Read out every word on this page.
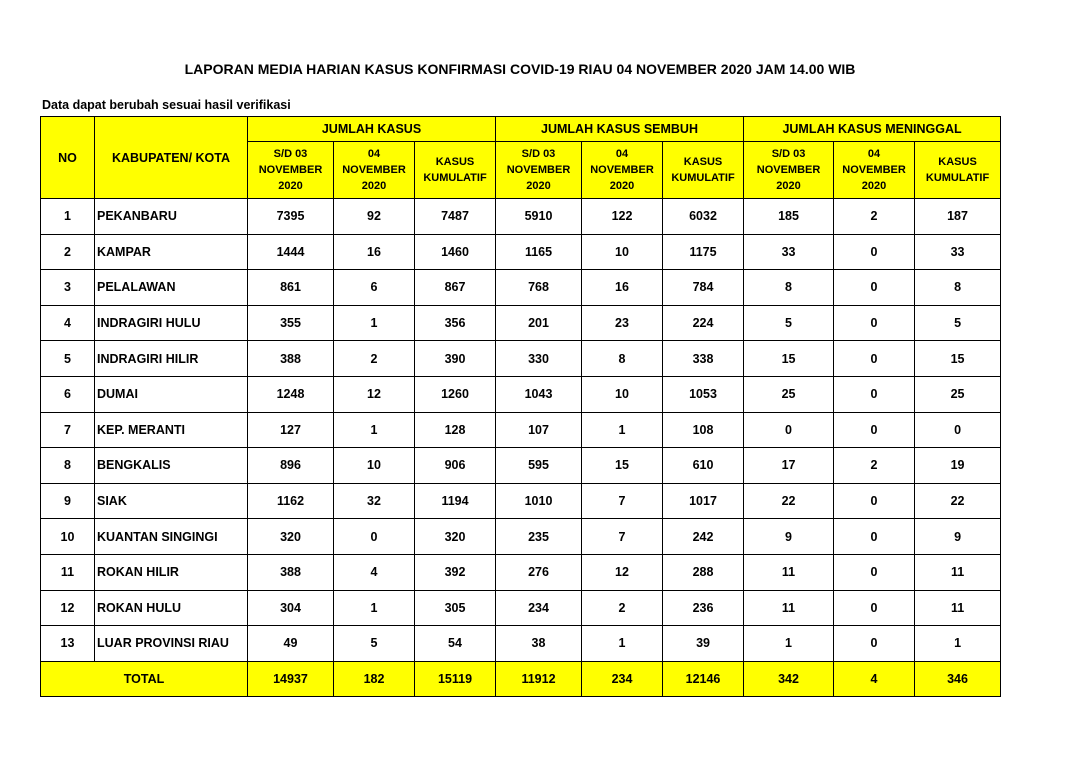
LAPORAN MEDIA HARIAN KASUS KONFIRMASI COVID-19 RIAU 04 NOVEMBER 2020 JAM 14.00 WIB
Data dapat berubah sesuai hasil verifikasi
NO	KABUPATEN/ KOTA	JUMLAH KASUS			JUMLAH KASUS SEMBUH			JUMLAH KASUS MENINGGAL		

		S/D 03
NOVEMBER
2020	04
NOVEMBER
2020	KASUS
KUMULATIF	S/D 03
NOVEMBER
2020	04
NOVEMBER
2020	KASUS
KUMULATIF	S/D 03
NOVEMBER
2020	04
NOVEMBER
2020	KASUS
KUMULATIF

1	PEKANBARU	7395	92	7487	5910	122	6032	185	2	187
2	KAMPAR	1444	16	1460	1165	10	1175	33	0	33
3	PELALAWAN	861	6	867	768	16	784	8	0	8
4	INDRAGIRI HULU	355	1	356	201	23	224	5	0	5
5	INDRAGIRI HILIR	388	2	390	330	8	338	15	0	15
6	DUMAI	1248	12	1260	1043	10	1053	25	0	25
7	KEP. MERANTI	127	1	128	107	1	108	0	0	0
8	BENGKALIS	896	10	906	595	15	610	17	2	19
9	SIAK	1162	32	1194	1010	7	1017	22	0	22
10	KUANTAN SINGINGI	320	0	320	235	7	242	9	0	9
11	ROKAN HILIR	388	4	392	276	12	288	11	0	11
12	ROKAN HULU	304	1	305	234	2	236	11	0	11
13	LUAR PROVINSI RIAU	49	5	54	38	1	39	1	0	1
TOTAL		14937	182	15119	11912	234	12146	342	4	346
